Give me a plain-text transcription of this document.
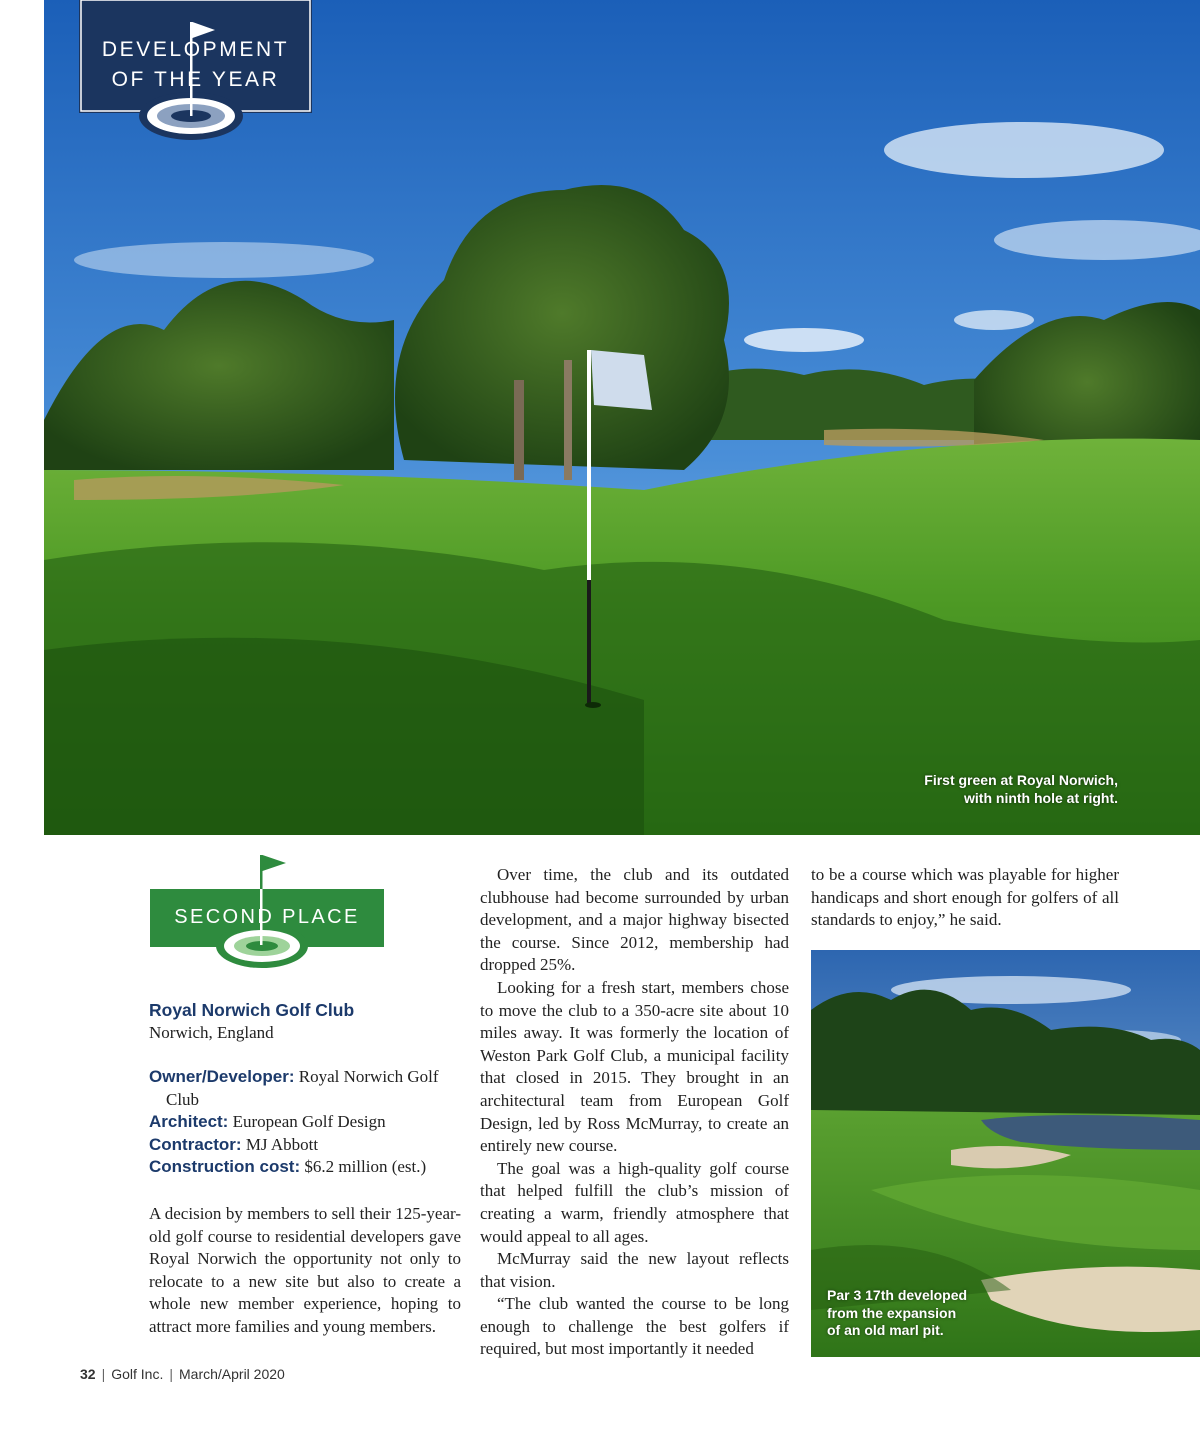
First green at Royal Norwich,
with ninth hole at right.
DEVELOPMENT
OF THE YEAR
SECOND PLACE
Royal Norwich Golf Club
Norwich, England
Owner/Developer: Royal Norwich Golf Club
Architect: European Golf Design
Contractor: MJ Abbott
Construction cost: $6.2 million (est.)

A decision by members to sell their 125-year-old golf course to residential developers gave Royal Norwich the opportunity not only to relocate to a new site but also to create a whole new member experience, hoping to attract more families and young members.

Over time, the club and its outdated clubhouse had become surrounded by urban development, and a major highway bisected the course. Since 2012, membership had dropped 25%.

Looking for a fresh start, members chose to move the club to a 350-acre site about 10 miles away. It was formerly the location of Weston Park Golf Club, a municipal facility that closed in 2015. They brought in an architectural team from European Golf Design, led by Ross McMurray, to create an entirely new course.

The goal was a high-quality golf course that helped fulfill the club’s mission of creating a warm, friendly atmosphere that would appeal to all ages.

McMurray said the new layout reflects that vision.

“The club wanted the course to be long enough to challenge the best golfers if required, but most importantly it needed

to be a course which was playable for higher handicaps and short enough for golfers of all standards to enjoy,” he said.

Par 3 17th developed
from the expansion
of an old marl pit.
32 | Golf Inc. | March/April 2020
